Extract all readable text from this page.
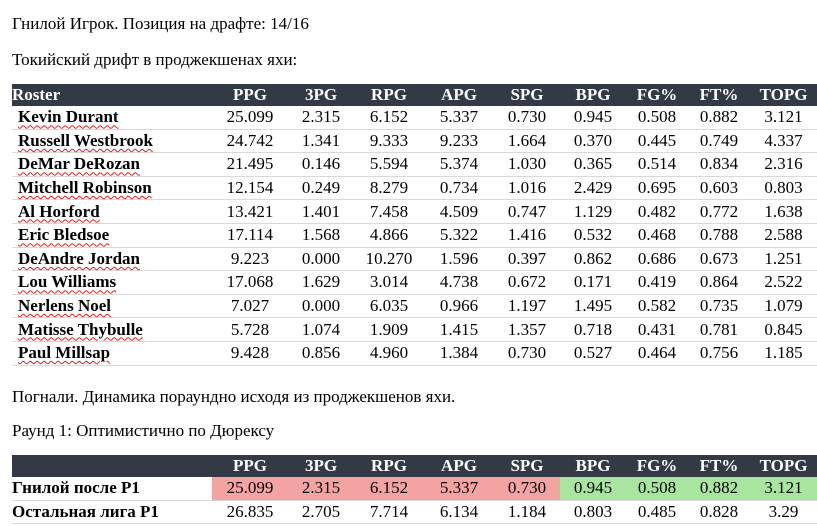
Гнилой Игрок. Позиция на драфте: 14/16
Токийский дрифт в проджекшенах яхи:
Roster	PPG	3PG	RPG	APG	SPG	BPG	FG%	FT%	TOPG
Kevin Durant	25.099	2.315	6.152	5.337	0.730	0.945	0.508	0.882	3.121
Russell Westbrook	24.742	1.341	9.333	9.233	1.664	0.370	0.445	0.749	4.337
DeMar DeRozan	21.495	0.146	5.594	5.374	1.030	0.365	0.514	0.834	2.316
Mitchell Robinson	12.154	0.249	8.279	0.734	1.016	2.429	0.695	0.603	0.803
Al Horford	13.421	1.401	7.458	4.509	0.747	1.129	0.482	0.772	1.638
Eric Bledsoe	17.114	1.568	4.866	5.322	1.416	0.532	0.468	0.788	2.588
DeAndre Jordan	9.223	0.000	10.270	1.596	0.397	0.862	0.686	0.673	1.251
Lou Williams	17.068	1.629	3.014	4.738	0.672	0.171	0.419	0.864	2.522
Nerlens Noel	7.027	0.000	6.035	0.966	1.197	1.495	0.582	0.735	1.079
Matisse Thybulle	5.728	1.074	1.909	1.415	1.357	0.718	0.431	0.781	0.845
Paul Millsap	9.428	0.856	4.960	1.384	0.730	0.527	0.464	0.756	1.185
Погнали. Динамика пораундно исходя из проджекшенов яхи.
Раунд 1: Оптимистично по Дюрексу
	PPG	3PG	RPG	APG	SPG	BPG	FG%	FT%	TOPG
Гнилой после Р1	25.099	2.315	6.152	5.337	0.730	0.945	0.508	0.882	3.121
Остальная лига Р1	26.835	2.705	7.714	6.134	1.184	0.803	0.485	0.828	3.29
